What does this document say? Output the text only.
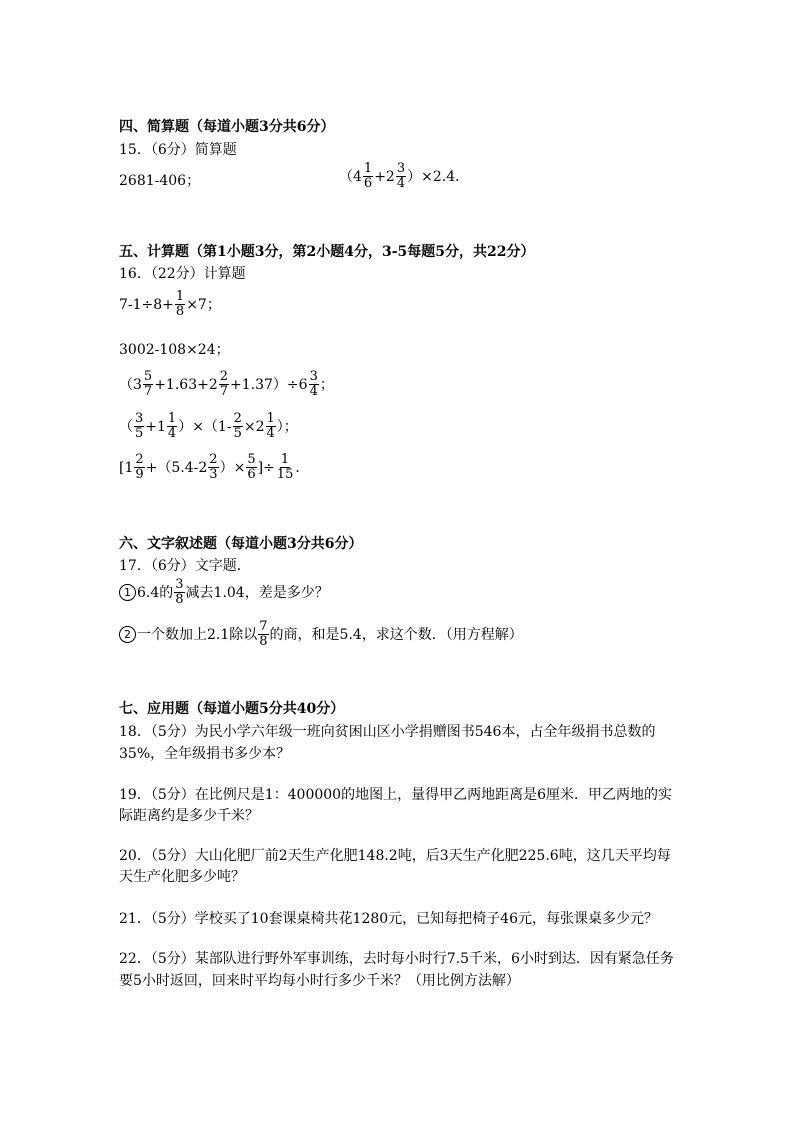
四、简算题（每道小题3分共6分）
15．（6分）简算题
2681-406；	$(4 \frac{1}{6} +2 \frac{3}{4} )\times 2.4$．
五、计算题（第1小题3分，第2小题4分，3-5每题5分，共22分）
16．（22分）计算题
$7-1\div 8+ \frac{1}{8} \times 7$；
3002-108×24；
$(3 \frac{5}{7} +1.63+2 \frac{2}{7} +1.37)\div 6 \frac{3}{4}$ ；
（ $\frac{3}{5} +1 \frac{1}{4} )\times(1- \frac{2}{5} \times 2 \frac{1}{4}$ ）；
[$1 \frac{2}{9} +(5.4-2 \frac{2}{3}$ ）× $\frac{5}{6}$ ]÷ $\frac{1}{15}$ ．
六、文字叙述题（每道小题3分共6分）
17．（6分）文字题．
1 6.4的 $\frac{3}{8}$ 减去1.04，差是多少？
2 一个数加上2.1除以 $\frac{7}{8}$ 的商，和是5.4，求这个数．（用方程解）
七、应用题（每道小题5分共40分）
18．（5分）为民小学六年级一班向贫困山区小学捐赠图书546本，占全年级捐书总数的
35%，全年级捐书多少本？
19．（5分）在比例尺是1：400000的地图上，量得甲乙两地距离是6厘米．甲乙两地的实
际距离约是多少千米？
20．（5分）大山化肥厂前2天生产化肥148.2吨，后3天生产化肥225.6吨，这几天平均每
天生产化肥多少吨？
21．（5分）学校买了10套课桌椅共花1280元，已知每把椅子46元，每张课桌多少元？
22．（5分）某部队进行野外军事训练，去时每小时行7.5千米，6小时到达．因有紧急任务
要5小时返回，回来时平均每小时行多少千米？（用比例方法解）
